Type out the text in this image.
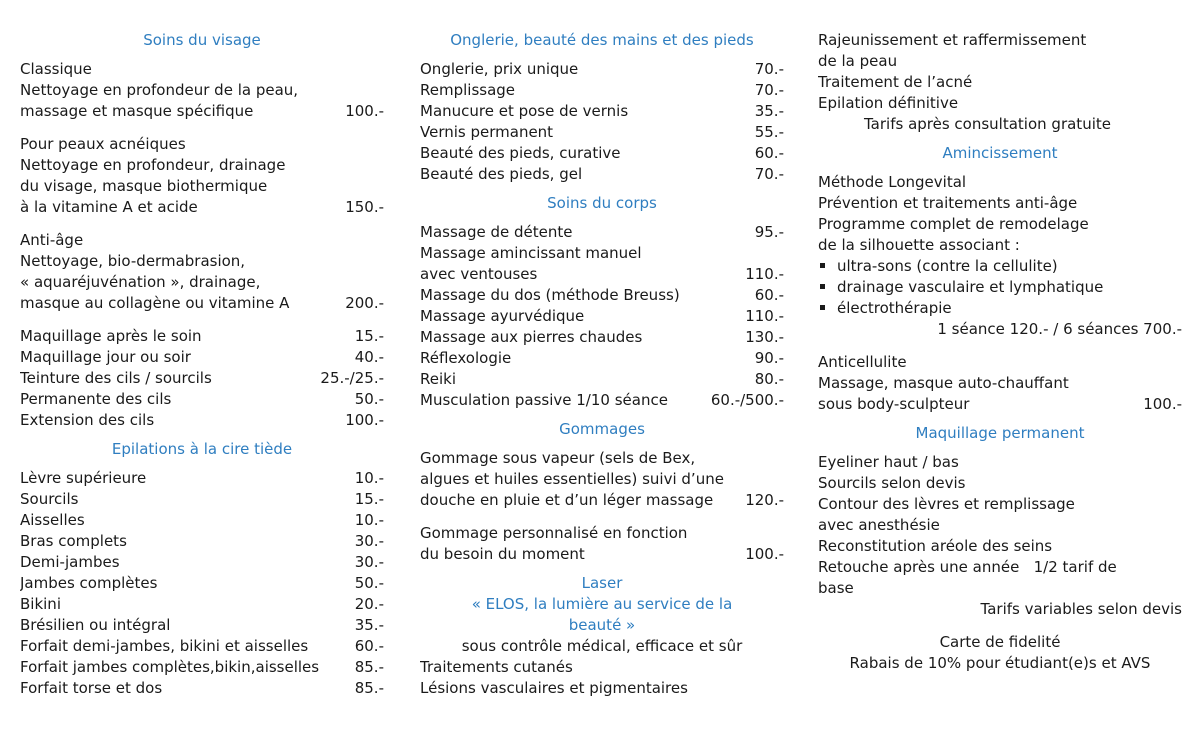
Soins du visage
Classique
Nettoyage en profondeur de la peau,
massage et masque spécifique	100.-
Pour peaux acnéiques
Nettoyage en profondeur, drainage
du visage, masque biothermique
à la vitamine A et acide	150.-
Anti-âge
Nettoyage, bio-dermabrasion,
« aquaréjuvénation », drainage,
masque au collagène ou vitamine A	200.-
Maquillage après le soin	15.-
Maquillage jour ou soir	40.-
Teinture des cils / sourcils	25.-/25.-
Permanente des cils	50.-
Extension des cils	100.-
Epilations à la cire tiède
Lèvre supérieure	10.-
Sourcils	15.-
Aisselles	10.-
Bras complets	30.-
Demi-jambes	30.-
Jambes complètes	50.-
Bikini	20.-
Brésilien ou intégral	35.-
Forfait demi-jambes, bikini et aisselles	60.-
Forfait jambes complètes,bikin,aisselles	85.-
Forfait torse et dos	85.-
Onglerie, beauté des mains et des pieds
Onglerie, prix unique	70.-
Remplissage	70.-
Manucure et pose de vernis	35.-
Vernis permanent	55.-
Beauté des pieds, curative	60.-
Beauté des pieds, gel	70.-
Soins du corps
Massage de détente	95.-
Massage amincissant manuel
avec ventouses	110.-
Massage du dos (méthode Breuss)	60.-
Massage ayurvédique	110.-
Massage aux pierres chaudes	130.-
Réflexologie	90.-
Reiki	80.-
Musculation passive 1/10 séance	60.-/500.-
Gommages
Gommage sous vapeur (sels de Bex,
algues et huiles essentielles) suivi d’une
douche en pluie et d’un léger massage	120.-
Gommage personnalisé en fonction
du besoin du moment	100.-
Laser
« ELOS, la lumière au service de la
beauté »
sous contrôle médical, efficace et sûr
Traitements cutanés
Lésions vasculaires et pigmentaires
Rajeunissement et raffermissement
de la peau
Traitement de l’acné
Epilation définitive
Tarifs après consultation gratuite
Amincissement
Méthode Longevital
Prévention et traitements anti-âge
Programme complet de remodelage
de la silhouette associant :
ultra-sons (contre la cellulite)
drainage vasculaire et lymphatique
électrothérapie
1 séance 120.- / 6 séances 700.-
Anticellulite
Massage, masque auto-chauffant
sous body-sculpteur	100.-
Maquillage permanent
Eyeliner haut / bas
Sourcils selon devis
Contour des lèvres et remplissage
avec anesthésie
Reconstitution aréole des seins
Retouche après une année   1/2 tarif de
base
Tarifs variables selon devis
Carte de fidelité
Rabais de 10% pour étudiant(e)s et AVS
